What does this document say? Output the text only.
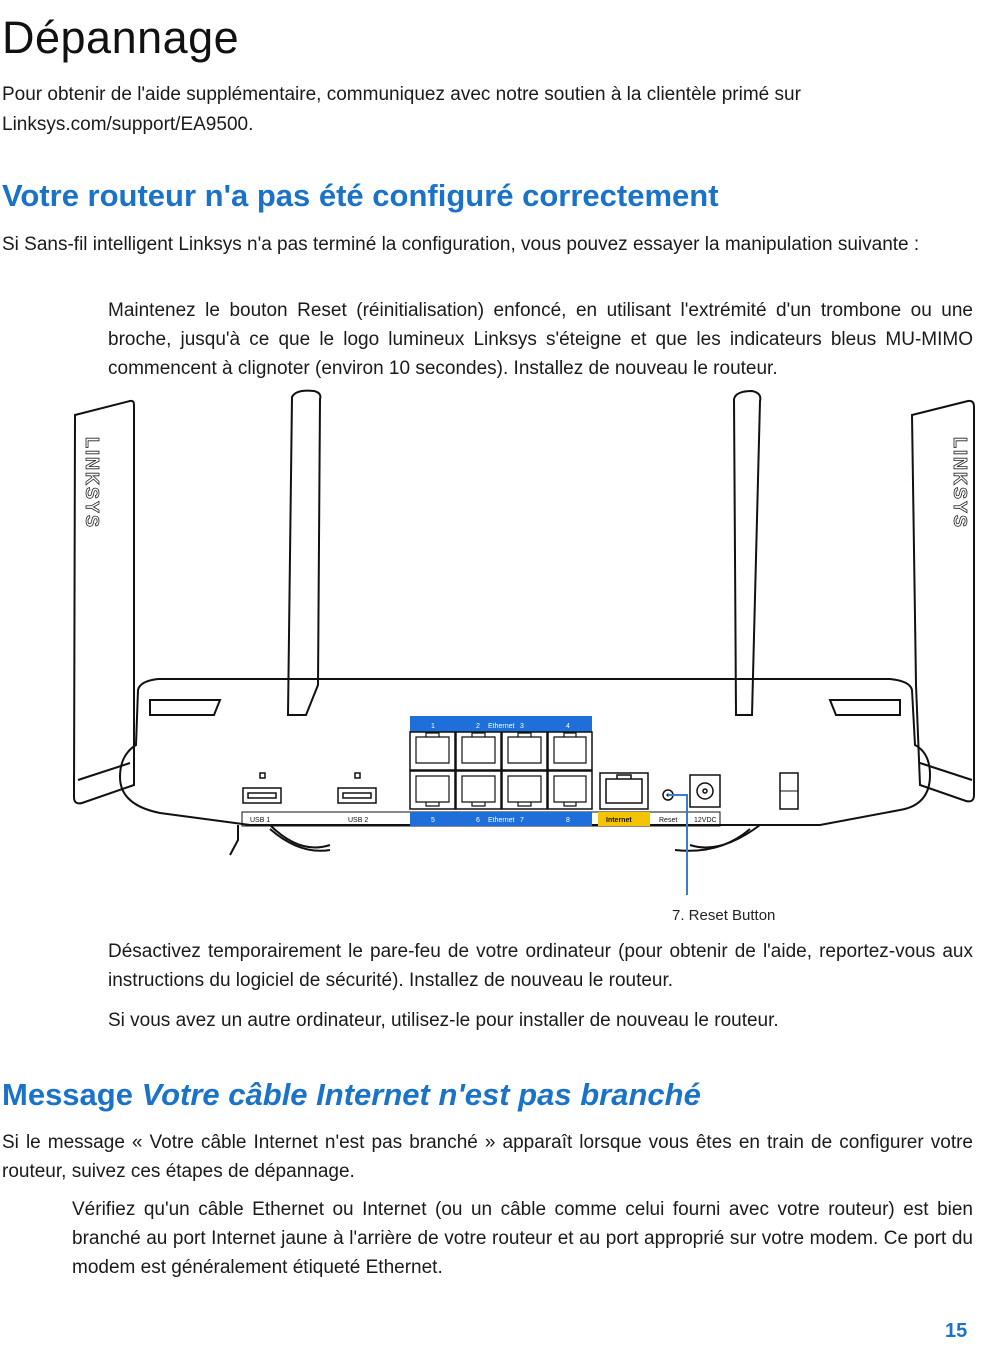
Dépannage
Pour obtenir de l'aide supplémentaire, communiquez avec notre soutien à la clientèle primé sur Linksys.com/support/EA9500.
Votre routeur n'a pas été configuré correctement
Si Sans-fil intelligent Linksys n'a pas terminé la configuration, vous pouvez essayer la manipulation suivante :
Maintenez le bouton Reset (réinitialisation) enfoncé, en utilisant l'extrémité d'un trombone ou une broche, jusqu'à ce que le logo lumineux Linksys s'éteigne et que les indicateurs bleus MU-MIMO commencent à clignoter (environ 10 secondes). Installez de nouveau le routeur.
1	2 Ethernet 3	4
USB 1	USB 2	5	6 Ethernet 7	8	Internet	Reset 12VDC
LINKSYS	LINKSYS
7. Reset Button
Désactivez temporairement le pare-feu de votre ordinateur (pour obtenir de l'aide, reportez-vous aux instructions du logiciel de sécurité). Installez de nouveau le routeur.
Si vous avez un autre ordinateur, utilisez-le pour installer de nouveau le routeur.
Message Votre câble Internet n'est pas branché
Si le message « Votre câble Internet n'est pas branché » apparaît lorsque vous êtes en train de configurer votre routeur, suivez ces étapes de dépannage.
Vérifiez qu'un câble Ethernet ou Internet (ou un câble comme celui fourni avec votre routeur) est bien branché au port Internet jaune à l'arrière de votre routeur et au port approprié sur votre modem. Ce port du modem est généralement étiqueté Ethernet.
15
